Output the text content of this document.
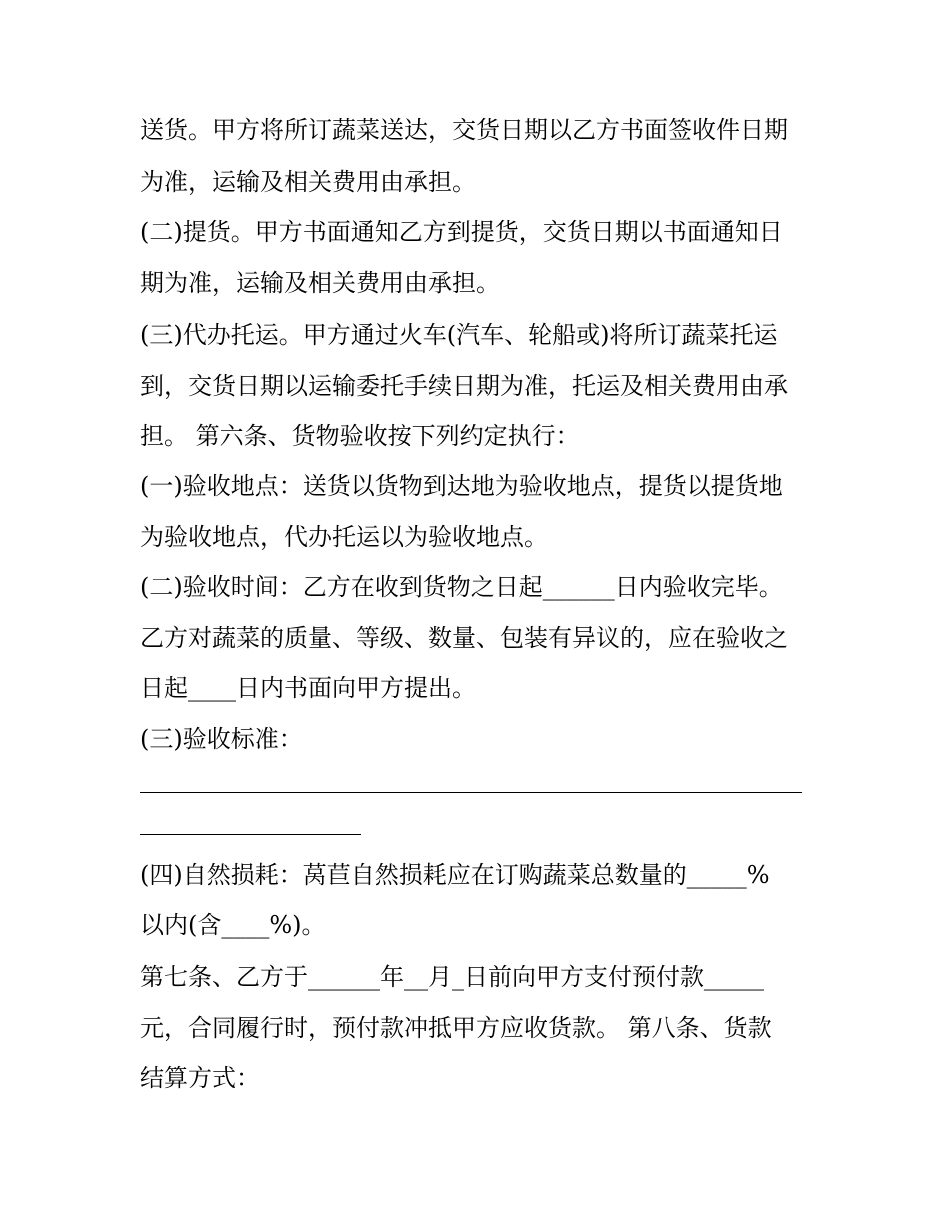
送货。甲方将所订蔬菜送达，交货日期以乙方书面签收件日期
为准，运输及相关费用由承担。
(二)提货。甲方书面通知乙方到提货，交货日期以书面通知日
期为准，运输及相关费用由承担。
(三)代办托运。甲方通过火车(汽车、轮船或)将所订蔬菜托运
到，交货日期以运输委托手续日期为准，托运及相关费用由承
担。 第六条、货物验收按下列约定执行：
(一)验收地点：送货以货物到达地为验收地点，提货以提货地
为验收地点，代办托运以为验收地点。
(二)验收时间：乙方在收到货物之日起______日内验收完毕。
乙方对蔬菜的质量、等级、数量、包装有异议的，应在验收之
日起____日内书面向甲方提出。
(三)验收标准：
(四)自然损耗：莴苣自然损耗应在订购蔬菜总数量的_____%
以内(含____%)。
第七条、乙方于______年__月_日前向甲方支付预付款_____
元，合同履行时，预付款冲抵甲方应收货款。 第八条、货款
结算方式：
